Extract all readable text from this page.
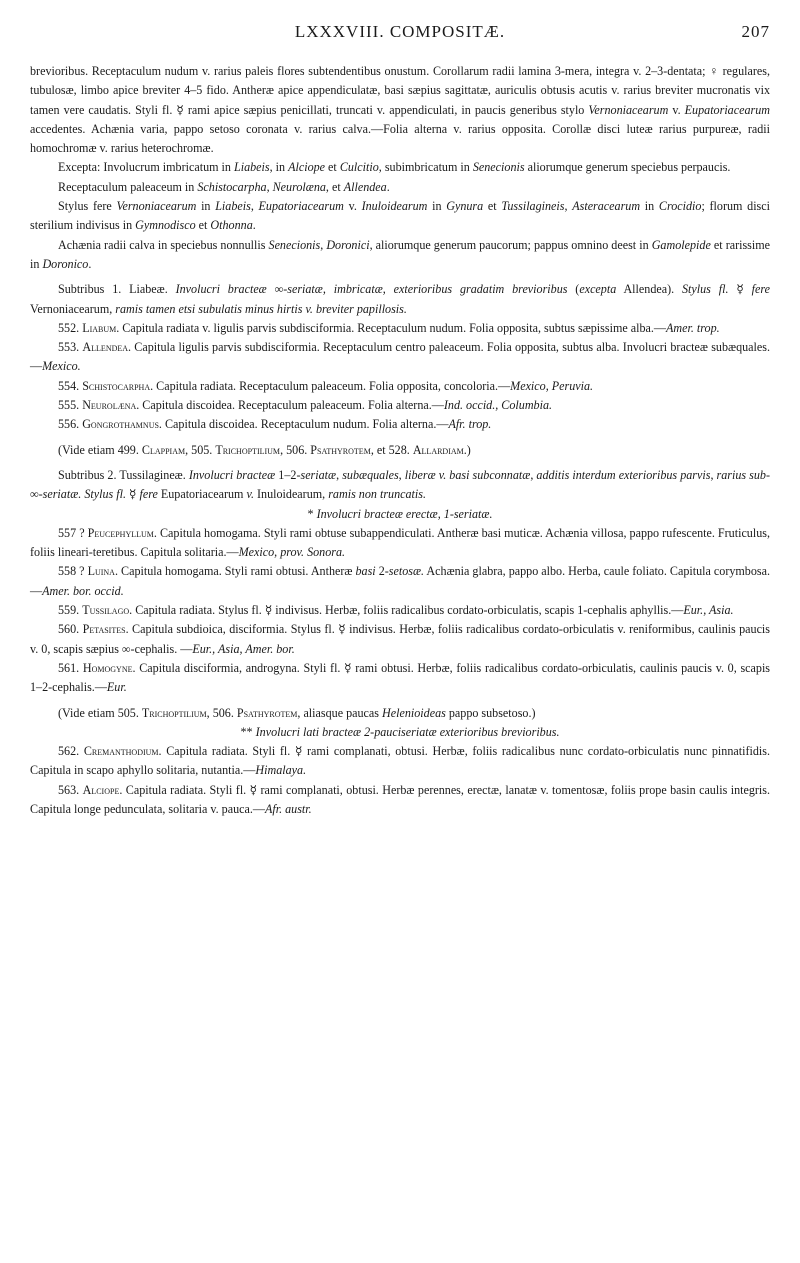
LXXXVIII. COMPOSITÆ.	207

brevioribus. Receptaculum nudum v. rarius paleis flores subtendentibus onustum. Corollarum radii lamina 3-mera, integra v. 2–3-dentata; ♀ regulares, tubulosæ, limbo apice breviter 4–5 fido. Antheræ apice appendiculatæ, basi sæpius sagittatæ, auriculis obtusis acutis v. rarius breviter mucronatis vix tamen vere caudatis. Styli fl. ☿ rami apice sæpius penicillati, truncati v. appendiculati, in paucis generibus stylo Vernoniacearum v. Eupatoriacearum accedentes. Achænia varia, pappo setoso coronata v. rarius calva.—Folia alterna v. rarius opposita. Corollæ disci luteæ rarius purpureæ, radii homochromæ v. rarius heterochromæ.

Excepta: Involucrum imbricatum in Liabeis, in Alciope et Culcitio, subimbricatum in Senecionis aliorumque generum speciebus perpaucis.

Receptaculum paleaceum in Schistocarpha, Neurolæna, et Allendea.

Stylus fere Vernoniacearum in Liabeis, Eupatoriacearum v. Inuloidearum in Gynura et Tussilagineis, Asteracearum in Crocidio; florum disci sterilium indivisus in Gymnodisco et Othonna.

Achænia radii calva in speciebus nonnullis Senecionis, Doronici, aliorumque generum paucorum; pappus omnino deest in Gamolepide et rarissime in Doronico.

Subtribus 1. Liabeæ. Involucri bracteæ ∞-seriatæ, imbricatæ, exterioribus gradatim brevioribus (excepta Allendea). Stylus fl. ☿ fere Vernoniacearum, ramis tamen etsi subulatis minus hirtis v. breviter papillosis.

552. Liabum. Capitula radiata v. ligulis parvis subdisciformia. Receptaculum nudum. Folia opposita, subtus sæpissime alba.—Amer. trop.

553. Allendea. Capitula ligulis parvis subdisciformia. Receptaculum centro paleaceum. Folia opposita, subtus alba. Involucri bracteæ subæquales.—Mexico.

554. Schistocarpha. Capitula radiata. Receptaculum paleaceum. Folia opposita, concoloria.—Mexico, Peruvia.

555. Neurolæna. Capitula discoidea. Receptaculum paleaceum. Folia alterna.—Ind. occid., Columbia.

556. Gongrothamnus. Capitula discoidea. Receptaculum nudum. Folia alterna.—Afr. trop.

(Vide etiam 499. Clappiam, 505. Trichoptilium, 506. Psathyrotem, et 528. Allardiam.)

Subtribus 2. Tussilagineæ. Involucri bracteæ 1–2-seriatæ, subæquales, liberæ v. basi subconnatæ, additis interdum exterioribus parvis, rarius sub-∞-seriatæ. Stylus fl. ☿ fere Eupatoriacearum v. Inuloidearum, ramis non truncatis.

* Involucri bracteæ erectæ, 1-seriatæ.

557 ? Peucephyllum. Capitula homogama. Styli rami obtuse subappendiculati. Antheræ basi muticæ. Achænia villosa, pappo rufescente. Fruticulus, foliis lineari-teretibus. Capitula solitaria.—Mexico, prov. Sonora.

558 ? Luina. Capitula homogama. Styli rami obtusi. Antheræ basi 2-setosæ. Achænia glabra, pappo albo. Herba, caule foliato. Capitula corymbosa.—Amer. bor. occid.

559. Tussilago. Capitula radiata. Stylus fl. ☿ indivisus. Herbæ, foliis radicalibus cordato-orbiculatis, scapis 1-cephalis aphyllis.—Eur., Asia.

560. Petasites. Capitula subdioica, disciformia. Stylus fl. ☿ indivisus. Herbæ, foliis radicalibus cordato-orbiculatis v. reniformibus, caulinis paucis v. 0, scapis sæpius ∞-cephalis. —Eur., Asia, Amer. bor.

561. Homogyne. Capitula disciformia, androgyna. Styli fl. ☿ rami obtusi. Herbæ, foliis radicalibus cordato-orbiculatis, caulinis paucis v. 0, scapis 1–2-cephalis.—Eur.

(Vide etiam 505. Trichoptilium, 506. Psathyrotem, aliasque paucas Helenioideas pappo subsetoso.)

** Involucri lati bracteæ 2-pauciseriatæ exterioribus brevioribus.

562. Cremanthodium. Capitula radiata. Styli fl. ☿ rami complanati, obtusi. Herbæ, foliis radicalibus nunc cordato-orbiculatis nunc pinnatifidis. Capitula in scapo aphyllo solitaria, nutantia.—Himalaya.

563. Alciope. Capitula radiata. Styli fl. ☿ rami complanati, obtusi. Herbæ perennes, erectæ, lanatæ v. tomentosæ, foliis prope basin caulis integris. Capitula longe pedunculata, solitaria v. pauca.—Afr. austr.
